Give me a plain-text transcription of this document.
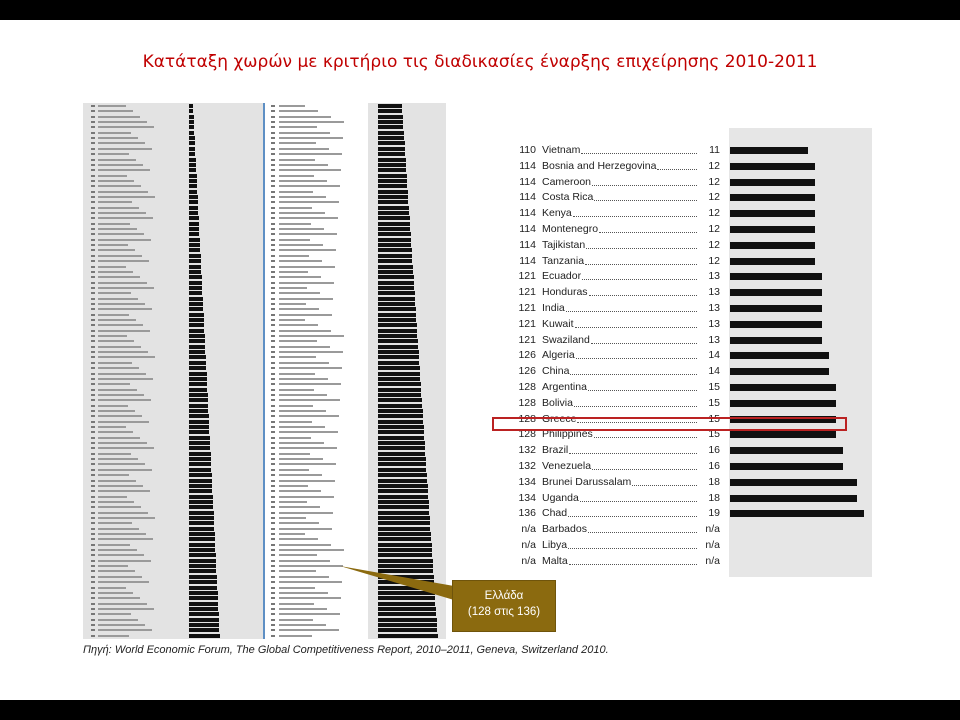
Κατάταξη χωρών με κριτήριο τις διαδικασίες έναρξης επιχείρησης 2010-2011
110 Vietnam	11
114 Bosnia and Herzegovina	12
114 Cameroon	12
114 Costa Rica	12
114 Kenya	12
114 Montenegro	12
114 Tajikistan	12
114 Tanzania	12
121 Ecuador	13
121 Honduras	13
121 India	13
121 Kuwait	13
121 Swaziland	13
126 Algeria	14
126 China	14
128 Argentina	15
128 Bolivia	15
128 Greece	15
128 Philippines	15
132 Brazil	16
132 Venezuela	16
134 Brunei Darussalam	18
134 Uganda	18
136 Chad	19
n/a Barbados	n/a
n/a Libya	n/a
n/a Malta	n/a
Ελλάδα
(128 στις 136)
Πηγή: World Economic Forum, The Global Competitiveness Report, 2010–2011, Geneva, Switzerland 2010.
